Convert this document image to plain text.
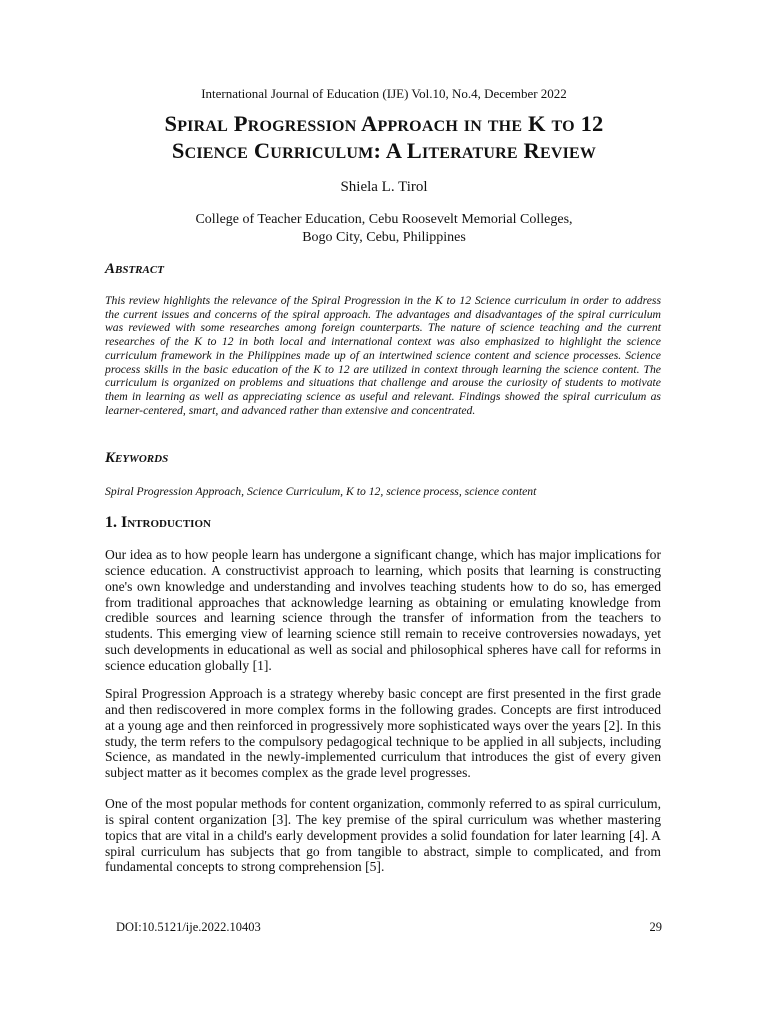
International Journal of Education (IJE) Vol.10, No.4, December 2022
Spiral Progression Approach in the K to 12
Science Curriculum: A Literature Review
Shiela L. Tirol
College of Teacher Education, Cebu Roosevelt Memorial Colleges,
Bogo City, Cebu, Philippines
Abstract
This review highlights the relevance of the Spiral Progression in the K to 12 Science curriculum in order to address the current issues and concerns of the spiral approach. The advantages and disadvantages of the spiral curriculum was reviewed with some researches among foreign counterparts. The nature of science teaching and the current researches of the K to 12 in both local and international context was also emphasized to highlight the science curriculum framework in the Philippines made up of an intertwined science content and science processes. Science process skills in the basic education of the K to 12 are utilized in context through learning the science content. The curriculum is organized on problems and situations that challenge and arouse the curiosity of students to motivate them in learning as well as appreciating science as useful and relevant. Findings showed the spiral curriculum as learner-centered, smart, and advanced rather than extensive and concentrated.
Keywords
Spiral Progression Approach, Science Curriculum, K to 12, science process, science content
1. Introduction
Our idea as to how people learn has undergone a significant change, which has major implications for science education. A constructivist approach to learning, which posits that learning is constructing one's own knowledge and understanding and involves teaching students how to do so, has emerged from traditional approaches that acknowledge learning as obtaining or emulating knowledge from credible sources and learning science through the transfer of information from the teachers to students. This emerging view of learning science still remain to receive controversies nowadays, yet such developments in educational as well as social and philosophical spheres have call for reforms in science education globally [1].
Spiral Progression Approach is a strategy whereby basic concept are first presented in the first grade and then rediscovered in more complex forms in the following grades. Concepts are first introduced at a young age and then reinforced in progressively more sophisticated ways over the years [2]. In this study, the term refers to the compulsory pedagogical technique to be applied in all subjects, including Science, as mandated in the newly-implemented curriculum that introduces the gist of every given subject matter as it becomes complex as the grade level progresses.
One of the most popular methods for content organization, commonly referred to as spiral curriculum, is spiral content organization [3]. The key premise of the spiral curriculum was whether mastering topics that are vital in a child's early development provides a solid foundation for later learning [4]. A spiral curriculum has subjects that go from tangible to abstract, simple to complicated, and from fundamental concepts to strong comprehension [5].
DOI:10.5121/ije.2022.10403	29
